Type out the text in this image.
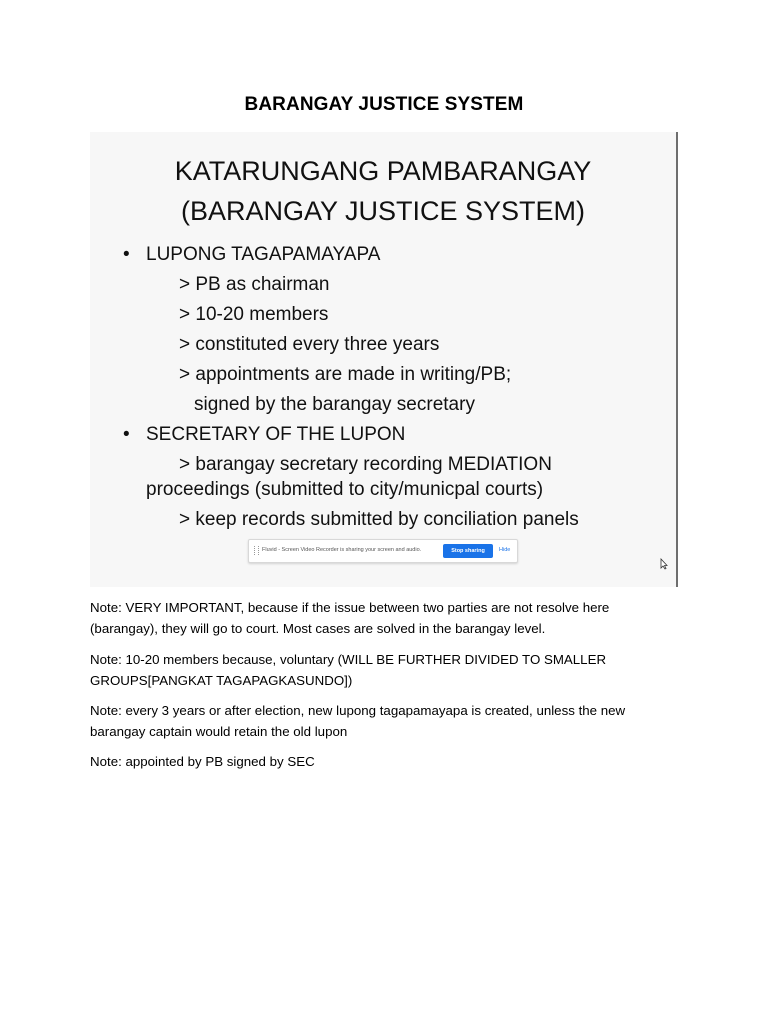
BARANGAY JUSTICE SYSTEM
KATARUNGANG PAMBARANGAY
(BARANGAY JUSTICE SYSTEM)
• LUPONG TAGAPAMAYAPA
> PB as chairman
> 10-20 members
> constituted every three years
> appointments are made in writing/PB;
signed by the barangay secretary
• SECRETARY OF THE LUPON
> barangay secretary recording MEDIATION
proceedings (submitted to city/municpal courts)
> keep records submitted by conciliation panels
Fluvid - Screen Video Recorder is sharing your screen and audio.	Stop sharing	Hide
Note: VERY IMPORTANT, because if the issue between two parties are not resolve here (barangay), they will go to court. Most cases are solved in the barangay level.
Note: 10-20 members because, voluntary (WILL BE FURTHER DIVIDED TO SMALLER GROUPS[PANGKAT TAGAPAGKASUNDO])
Note: every 3 years or after election, new lupong tagapamayapa is created, unless the new barangay captain would retain the old lupon
Note: appointed by PB signed by SEC
